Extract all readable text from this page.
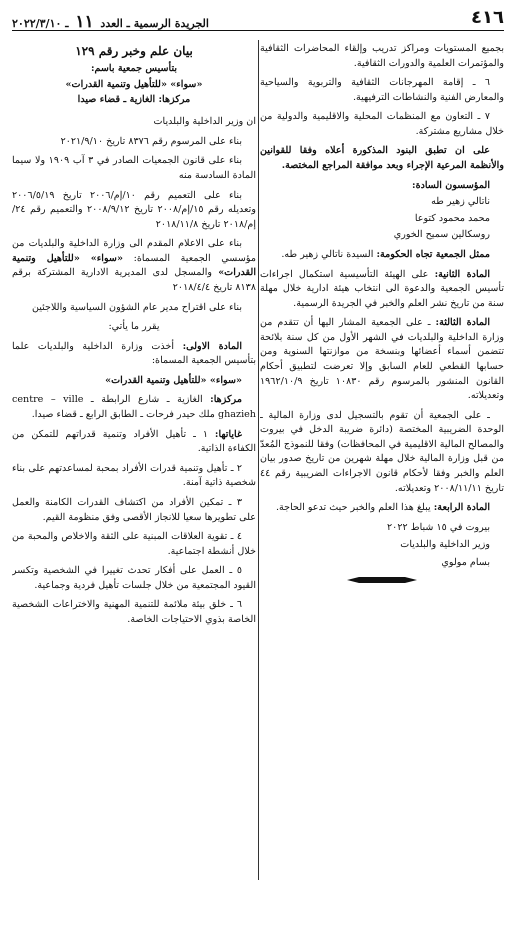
٤١٦
الجريدة الرسمية ـ العدد ١١ ـ ٢٠٢٢/٣/١٠

بجميع المستويات ومراكز تدريب وإلقاء المحاضرات الثقافية والمؤتمرات العلمية والدورات الثقافية.

٦ ـ إقامة المهرجانات الثقافية والتربوية والسياحية والمعارض الفنية والنشاطات الترفيهية.

٧ ـ التعاون مع المنظمات المحلية والاقليمية والدولية من خلال مشاريع مشتركة.

على ان تطبق البنود المذكورة أعلاه وفقا للقوانين والأنظمة المرعية الإجراء وبعد موافقة المراجع المختصة.

المؤسسون السادة:

ناتالي زهير طه

محمد محمود كتوعا

روسكالين سميح الخوري

ممثل الجمعية تجاه الحكومة: السيدة ناتالي زهير طه.

المادة الثانية: على الهيئة التأسيسية استكمال اجراءات تأسيس الجمعية والدعوة الى انتخاب هيئة ادارية خلال مهلة سنة من تاريخ نشر العلم والخبر في الجريدة الرسمية.

المادة الثالثة: ـ على الجمعية المشار اليها أن تتقدم من وزارة الداخلية والبلديات في الشهر الأول من كل سنة بلائحة تتضمن أسماء أعضائها وبنسخة من موازنتها السنوية ومن حسابها القطعي للعام السابق وإلا تعرضت لتطبيق أحكام القانون المنشور بالمرسوم رقم ١٠٨٣٠ تاريخ ١٩٦٢/١٠/٩ وتعديلاته.

ـ على الجمعية أن تقوم بالتسجيل لدى وزارة المالية ـ الوحدة الضريبية المختصة (دائرة ضريبة الدخل في بيروت والمصالح المالية الاقليمية في المحافظات) وفقا للنموذج المُعدّ من قبل وزارة المالية خلال مهلة شهرين من تاريخ صدور بيان العلم والخبر وفقا لأحكام قانون الاجراءات الضريبية رقم ٤٤ تاريخ ٢٠٠٨/١١/١١ وتعديلاته.

المادة الرابعة: يبلغ هذا العلم والخبر حيث تدعو الحاجة.

بيروت في ١٥ شباط ٢٠٢٢

وزير الداخلية والبلديات

بسام مولوي

بيان علم وخبر رقم ١٢٩

بتأسيس جمعية باسم:

«سواء» «للتأهيل وتنمية القدرات»

مركزها: الغازية ـ قضاء صيدا

ان وزير الداخلية والبلديات

بناء على المرسوم رقم ٨٣٧٦ تاريخ ٢٠٢١/٩/١٠

بناء على قانون الجمعيات الصادر في ٣ آب ١٩٠٩ ولا سيما المادة السادسة منه

بناء على التعميم رقم ١٠/إم/٢٠٠٦ تاريخ ٢٠٠٦/٥/١٩ وتعديله رقم ١٥/إم/٢٠٠٨ تاريخ ٢٠٠٨/٩/١٢ والتعميم رقم ٢٤/إم/٢٠١٨ تاريخ ٢٠١٨/١١/٨

بناء على الاعلام المقدم الى وزارة الداخلية والبلديات من مؤسسي الجمعية المسماة: «سواء» «للتأهيل وتنمية القدرات» والمسجل لدى المديرية الادارية المشتركة برقم ٨١٣٨ تاريخ ٢٠١٨/٤/٤

بناء على اقتراح مدير عام الشؤون السياسية واللاجئين

يقرر ما يأتي:

المادة الاولى: أخذت وزارة الداخلية والبلديات علما بتأسيس الجمعية المسماة:

«سواء» «للتأهيل وتنمية القدرات»

مركزها: الغازية ـ شارع الرابطة ـ centre – ville ghazieh ملك حيدر فرحات ـ الطابق الرابع ـ قضاء صيدا.

غاياتها: ١ ـ تأهيل الأفراد وتنمية قدراتهم للتمكن من الكفاءة الذاتية.

٢ ـ تأهيل وتنمية قدرات الأفراد بمحبة لمساعدتهم على بناء شخصية ذاتية آمنة.

٣ ـ تمكين الأفراد من اكتشاف القدرات الكامنة والعمل على تطويرها سعيا للانجاز الأقصى وفق منظومة القيم.

٤ ـ تقوية العلاقات المبنية على الثقة والاخلاص والمحبة من خلال أنشطة اجتماعية.

٥ ـ العمل على أفكار تحدث تغييرا في الشخصية وتكسر القيود المجتمعية من خلال جلسات تأهيل فردية وجماعية.

٦ ـ خلق بيئة ملائمة للتنمية المهنية والاختراعات الشخصية الخاصة بذوي الاحتياجات الخاصة.
